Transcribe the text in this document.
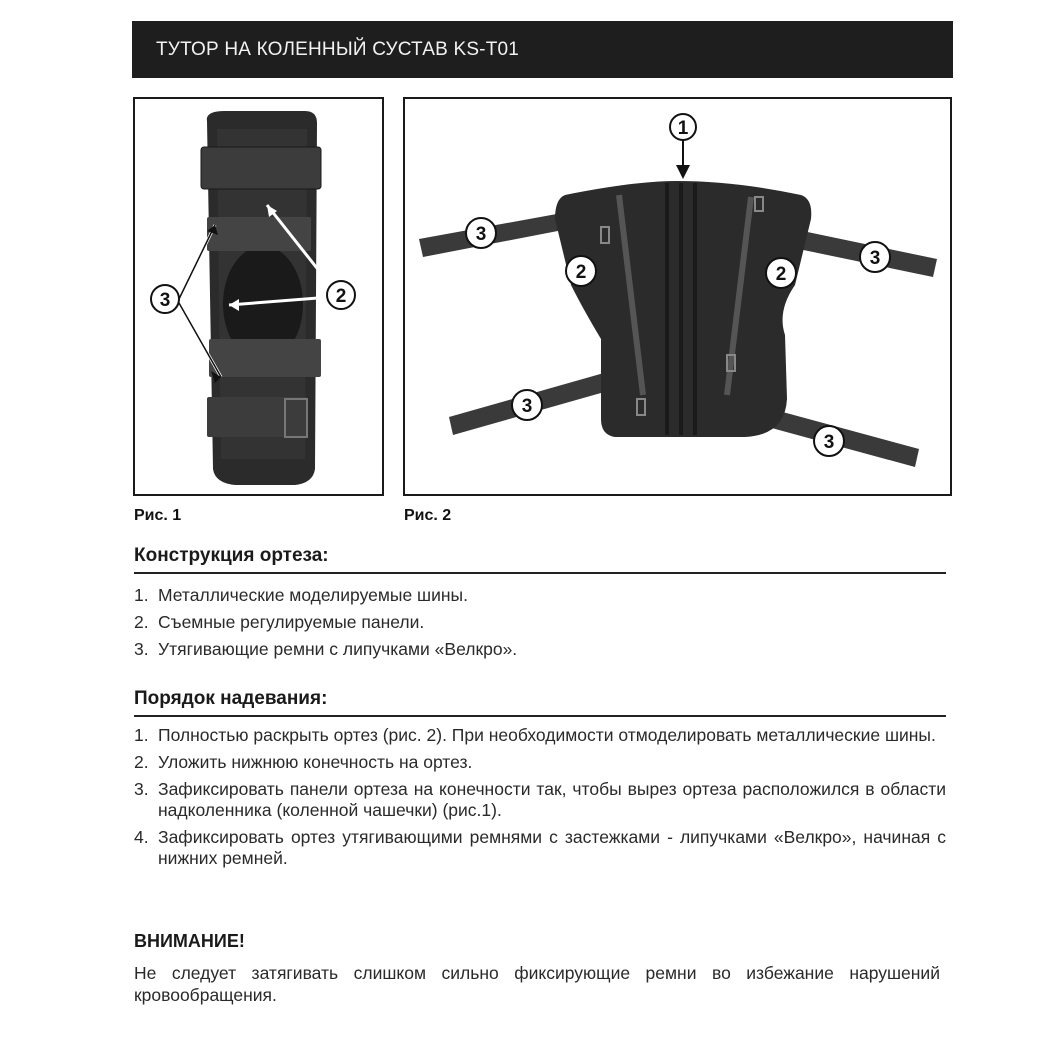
ТУТОР НА КОЛЕННЫЙ СУСТАВ KS-T01
3	2
1
3
2	2
3
3
3
Рис. 1	Рис. 2
Конструкция ортеза:
1. Металлические моделируемые шины.
2. Съемные регулируемые панели.
3. Утягивающие ремни с липучками «Велкро».
Порядок надевания:
1. Полностью раскрыть ортез (рис. 2). При необходимости отмоделировать металлические шины.
2. Уложить нижнюю конечность на ортез.
3. Зафиксировать панели ортеза на конечности так, чтобы вырез ортеза расположился в области надколенника (коленной чашечки) (рис.1).
4. Зафиксировать ортез утягивающими ремнями с застежками - липучками «Велкро», начиная с нижних ремней.
ВНИМАНИЕ!
Не следует затягивать слишком сильно фиксирующие ремни во избежание нарушений кровообращения.
